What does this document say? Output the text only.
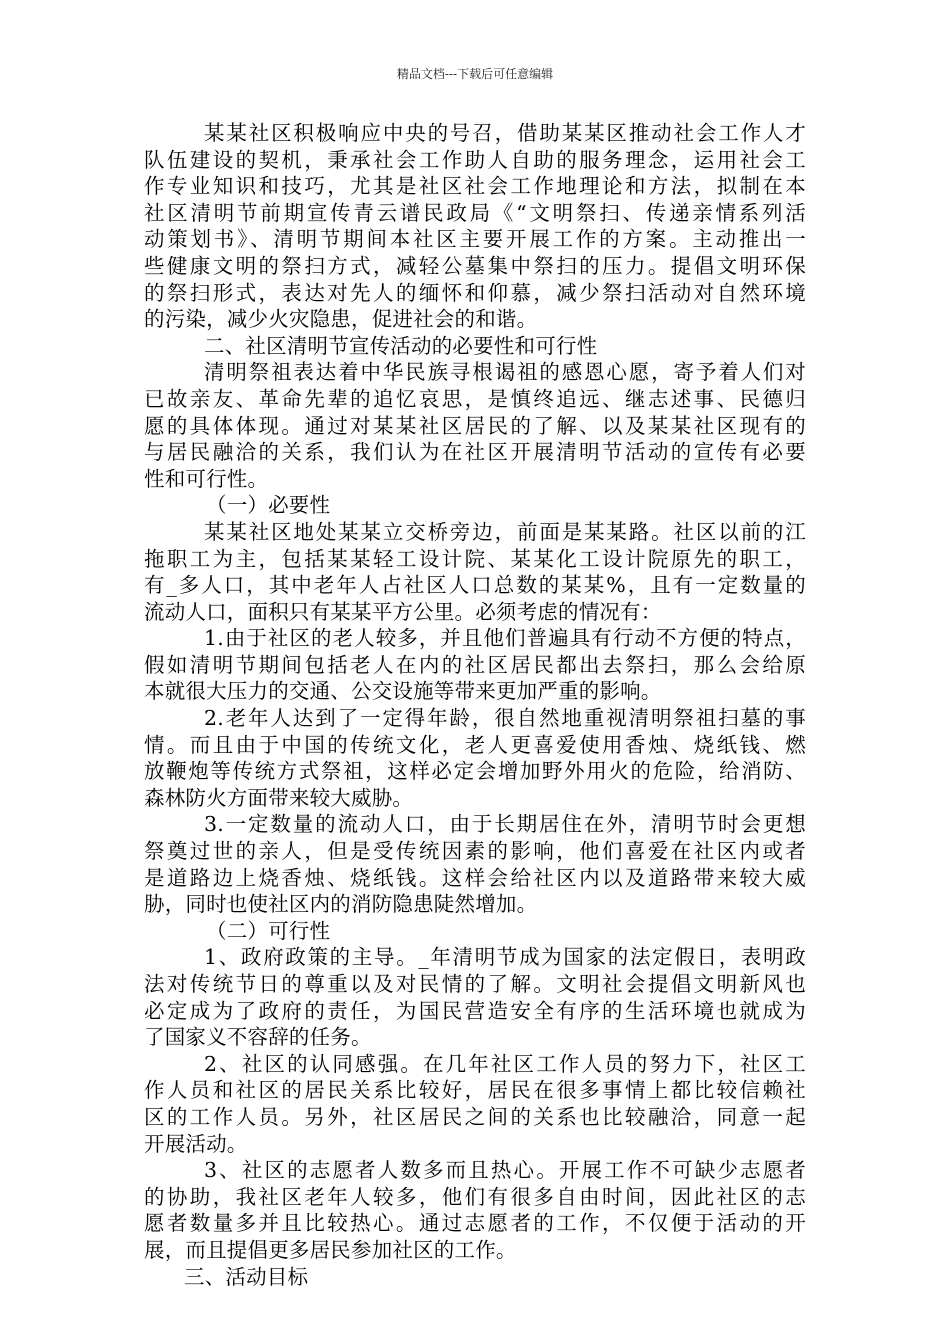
精品文档---下载后可任意编辑
某某社区积极响应中央的号召，借助某某区推动社会工作人才
队伍建设的契机，秉承社会工作助人自助的服务理念，运用社会工
作专业知识和技巧，尤其是社区社会工作地理论和方法，拟制在本
社区清明节前期宣传青云谱民政局《“文明祭扫、传递亲情系列活
动策划书》、清明节期间本社区主要开展工作的方案。主动推出一
些健康文明的祭扫方式，减轻公墓集中祭扫的压力。提倡文明环保
的祭扫形式，表达对先人的缅怀和仰慕，减少祭扫活动对自然环境
的污染，减少火灾隐患，促进社会的和谐。
二、社区清明节宣传活动的必要性和可行性
清明祭祖表达着中华民族寻根谒祖的感恩心愿，寄予着人们对
已故亲友、革命先辈的追忆哀思，是慎终追远、继志述事、民德归
愿的具体体现。通过对某某社区居民的了解、以及某某社区现有的
与居民融洽的关系，我们认为在社区开展清明节活动的宣传有必要
性和可行性。
（一）必要性
某某社区地处某某立交桥旁边，前面是某某路。社区以前的江
拖职工为主，包括某某轻工设计院、某某化工设计院原先的职工，
有_多人口，其中老年人占社区人口总数的某某%，且有一定数量的
流动人口，面积只有某某平方公里。必须考虑的情况有：
1.由于社区的老人较多，并且他们普遍具有行动不方便的特点，
假如清明节期间包括老人在内的社区居民都出去祭扫，那么会给原
本就很大压力的交通、公交设施等带来更加严重的影响。
2.老年人达到了一定得年龄，很自然地重视清明祭祖扫墓的事
情。而且由于中国的传统文化，老人更喜爱使用香烛、烧纸钱、燃
放鞭炮等传统方式祭祖，这样必定会增加野外用火的危险，给消防、
森林防火方面带来较大威胁。
3.一定数量的流动人口，由于长期居住在外，清明节时会更想
祭奠过世的亲人，但是受传统因素的影响，他们喜爱在社区内或者
是道路边上烧香烛、烧纸钱。这样会给社区内以及道路带来较大威
胁，同时也使社区内的消防隐患陡然增加。
（二）可行性
1、政府政策的主导。_年清明节成为国家的法定假日，表明政
法对传统节日的尊重以及对民情的了解。文明社会提倡文明新风也
必定成为了政府的责任，为国民营造安全有序的生活环境也就成为
了国家义不容辞的任务。
2、社区的认同感强。在几年社区工作人员的努力下，社区工
作人员和社区的居民关系比较好，居民在很多事情上都比较信赖社
区的工作人员。另外，社区居民之间的关系也比较融洽，同意一起
开展活动。
3、社区的志愿者人数多而且热心。开展工作不可缺少志愿者
的协助，我社区老年人较多，他们有很多自由时间，因此社区的志
愿者数量多并且比较热心。通过志愿者的工作，不仅便于活动的开
展，而且提倡更多居民参加社区的工作。
三、活动目标
